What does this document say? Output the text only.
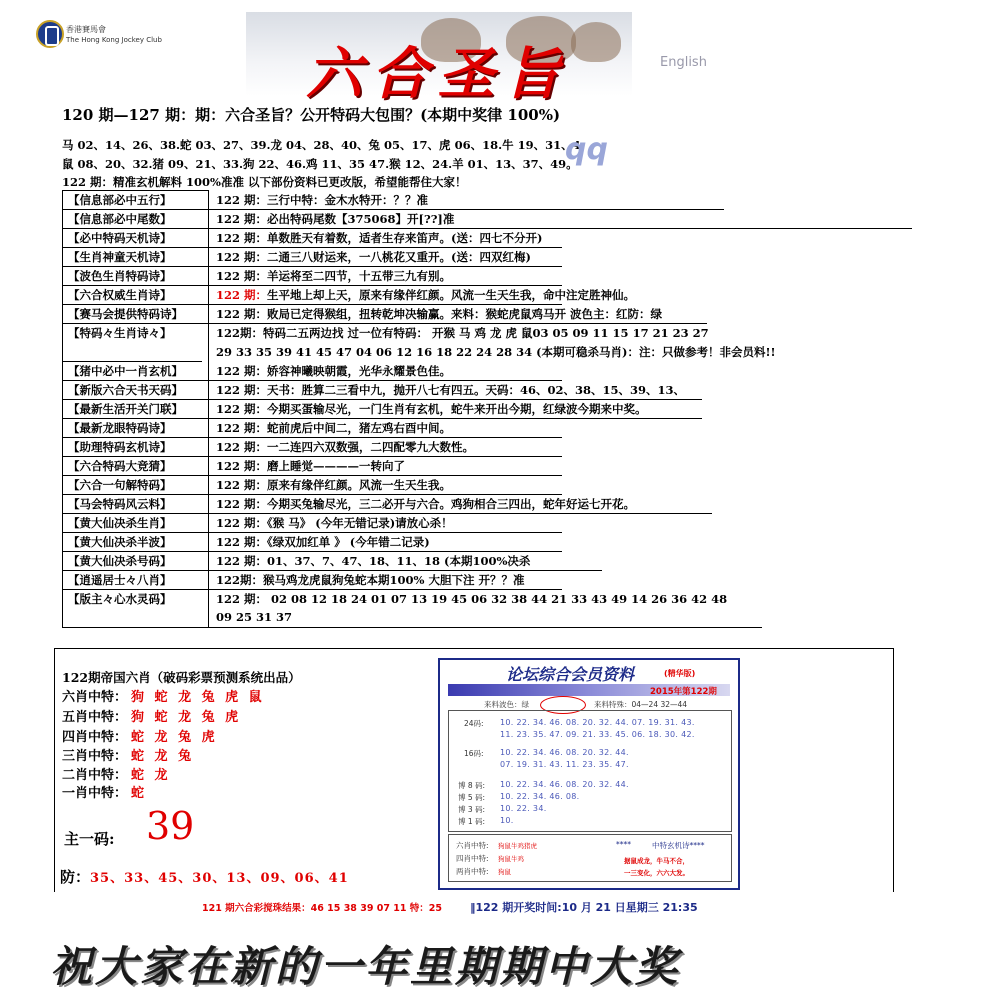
香港賽馬會
The Hong Kong Jockey Club
六合圣旨	English
120 期—127 期：期：六合圣旨？公开特码大包围？(本期中奖律 100%)
马 02、14、26、38.蛇 03、27、39.龙 04、28、40、兔 05、17、虎 06、18.牛 19、31、4
鼠 08、20、32.猪 09、21、33.狗 22、46.鸡 11、35 47.猴 12、24.羊 01、13、37、49。
qq
122 期：精准玄机解料 100%准准 以下部份资料已更改版，希望能帮住大家！
【信息部必中五行】	122 期：三行中特：金木水特开：？？准
【信息部必中尾数】	122 期：必出特码尾数【375068】开[??]准
【必中特码天机诗】	122 期：单数胜天有着数，适者生存来笛声。(送：四七不分开)
【生肖神童天机诗】	122 期：二通三八财运来，一八桃花又重开。(送：四双红梅)
【波色生肖特码诗】	122 期：羊运将至二四节，十五带三九有别。
【六合权威生肖诗】	122 期：生平地上却上天，原来有缘伴红颜。风流一生天生我，命中注定胜神仙。
【赛马会提供特码诗】	122 期：败局已定得猴组，扭转乾坤决输赢。来料：猴蛇虎鼠鸡马开 波色主：红防：绿
【特码々生肖诗々】	122期：特码二五两边找 过一位有特码： 开猴 马 鸡 龙 虎 鼠03 05 09 11 15 17 21 23 27
29 33 35 39 41 45 47 04 06 12 16 18 22 24 28 34 (本期可稳杀马肖)：注：只做参考！非会员料!!
【猪中必中一肖玄机】	122 期：娇容神曦映朝霞，光华永耀景色佳。
【新版六合天书天码】	122 期：天书：胜算二三看中九，抛开八七有四五。天码：46、02、38、15、39、13、
【最新生活开关门联】	122 期：今期买蛋输尽光，一门生肖有玄机，蛇牛来开出今期，红绿波今期来中奖。
【最新龙眼特码诗】	122 期：蛇前虎后中间二，猪左鸡右酉中间。
【助理特码玄机诗】	122 期：一二连四六双数强，二四配零九大数性。
【六合特码大竞猜】	122 期：磨上睡觉————一转向了
【六合一句解特码】	122 期：原来有缘伴红颜。风流一生天生我。
【马会特码风云料】	122 期：今期买兔输尽光，三二必开与六合。鸡狗相合三四出，蛇年好运七开花。
【黄大仙决杀生肖】	122 期：《猴 马》 (今年无错记录)请放心杀！
【黄大仙决杀半波】	122 期：《绿双加红单 》 (今年错二记录)
【黄大仙决杀号码】	122 期：01、37、7、47、18、11、18 (本期100%决杀
【逍遥居士々八肖】	122期：猴马鸡龙虎鼠狗兔蛇本期100% 大胆下注 开？？准
【版主々心水灵码】	122 期： 02 08 12 18 24 01 07 13 19 45 06 32 38 44 21 33 43 49 14 26 36 42 48
09 25 31 37
122期帝国六肖（破码彩票预测系统出品）
六肖中特： 狗 蛇 龙 兔 虎 鼠
五肖中特： 狗 蛇 龙 兔 虎
四肖中特： 蛇 龙 兔 虎
三肖中特： 蛇 龙 兔
二肖中特： 蛇 龙
一肖中特： 蛇
主一码: 39
防：35、33、45、30、13、09、06、41
论坛综合会员资料	(精华版)
2015年第122期
来料波色：绿	来料特殊：04—24 32—44
24码: 10. 22. 34. 46. 08. 20. 32. 44. 07. 19. 31. 43.
11. 23. 35. 47. 09. 21. 33. 45. 06. 18. 30. 42.
16码: 10. 22. 34. 46. 08. 20. 32. 44.
07. 19. 31. 43. 11. 23. 35. 47.
博 8 码: 10. 22. 34. 46. 08. 20. 32. 44.
博 5 码: 10. 22. 34. 46. 08.
博 3 码: 10. 22. 34.
博 1 码: 10.
六肖中特: 狗鼠牛鸡猪虎
四肖中特: 狗鼠牛鸡
两肖中特: 狗鼠
****	中特玄机诗****
据鼠成龙，牛马不合，
一三变化，六六大发。
121 期六合彩搅珠结果：46 15 38 39 07 11 特：25	‖122 期开奖时间:10 月 21 日星期三 21:35
祝大家在新的一年里期期中大奖
